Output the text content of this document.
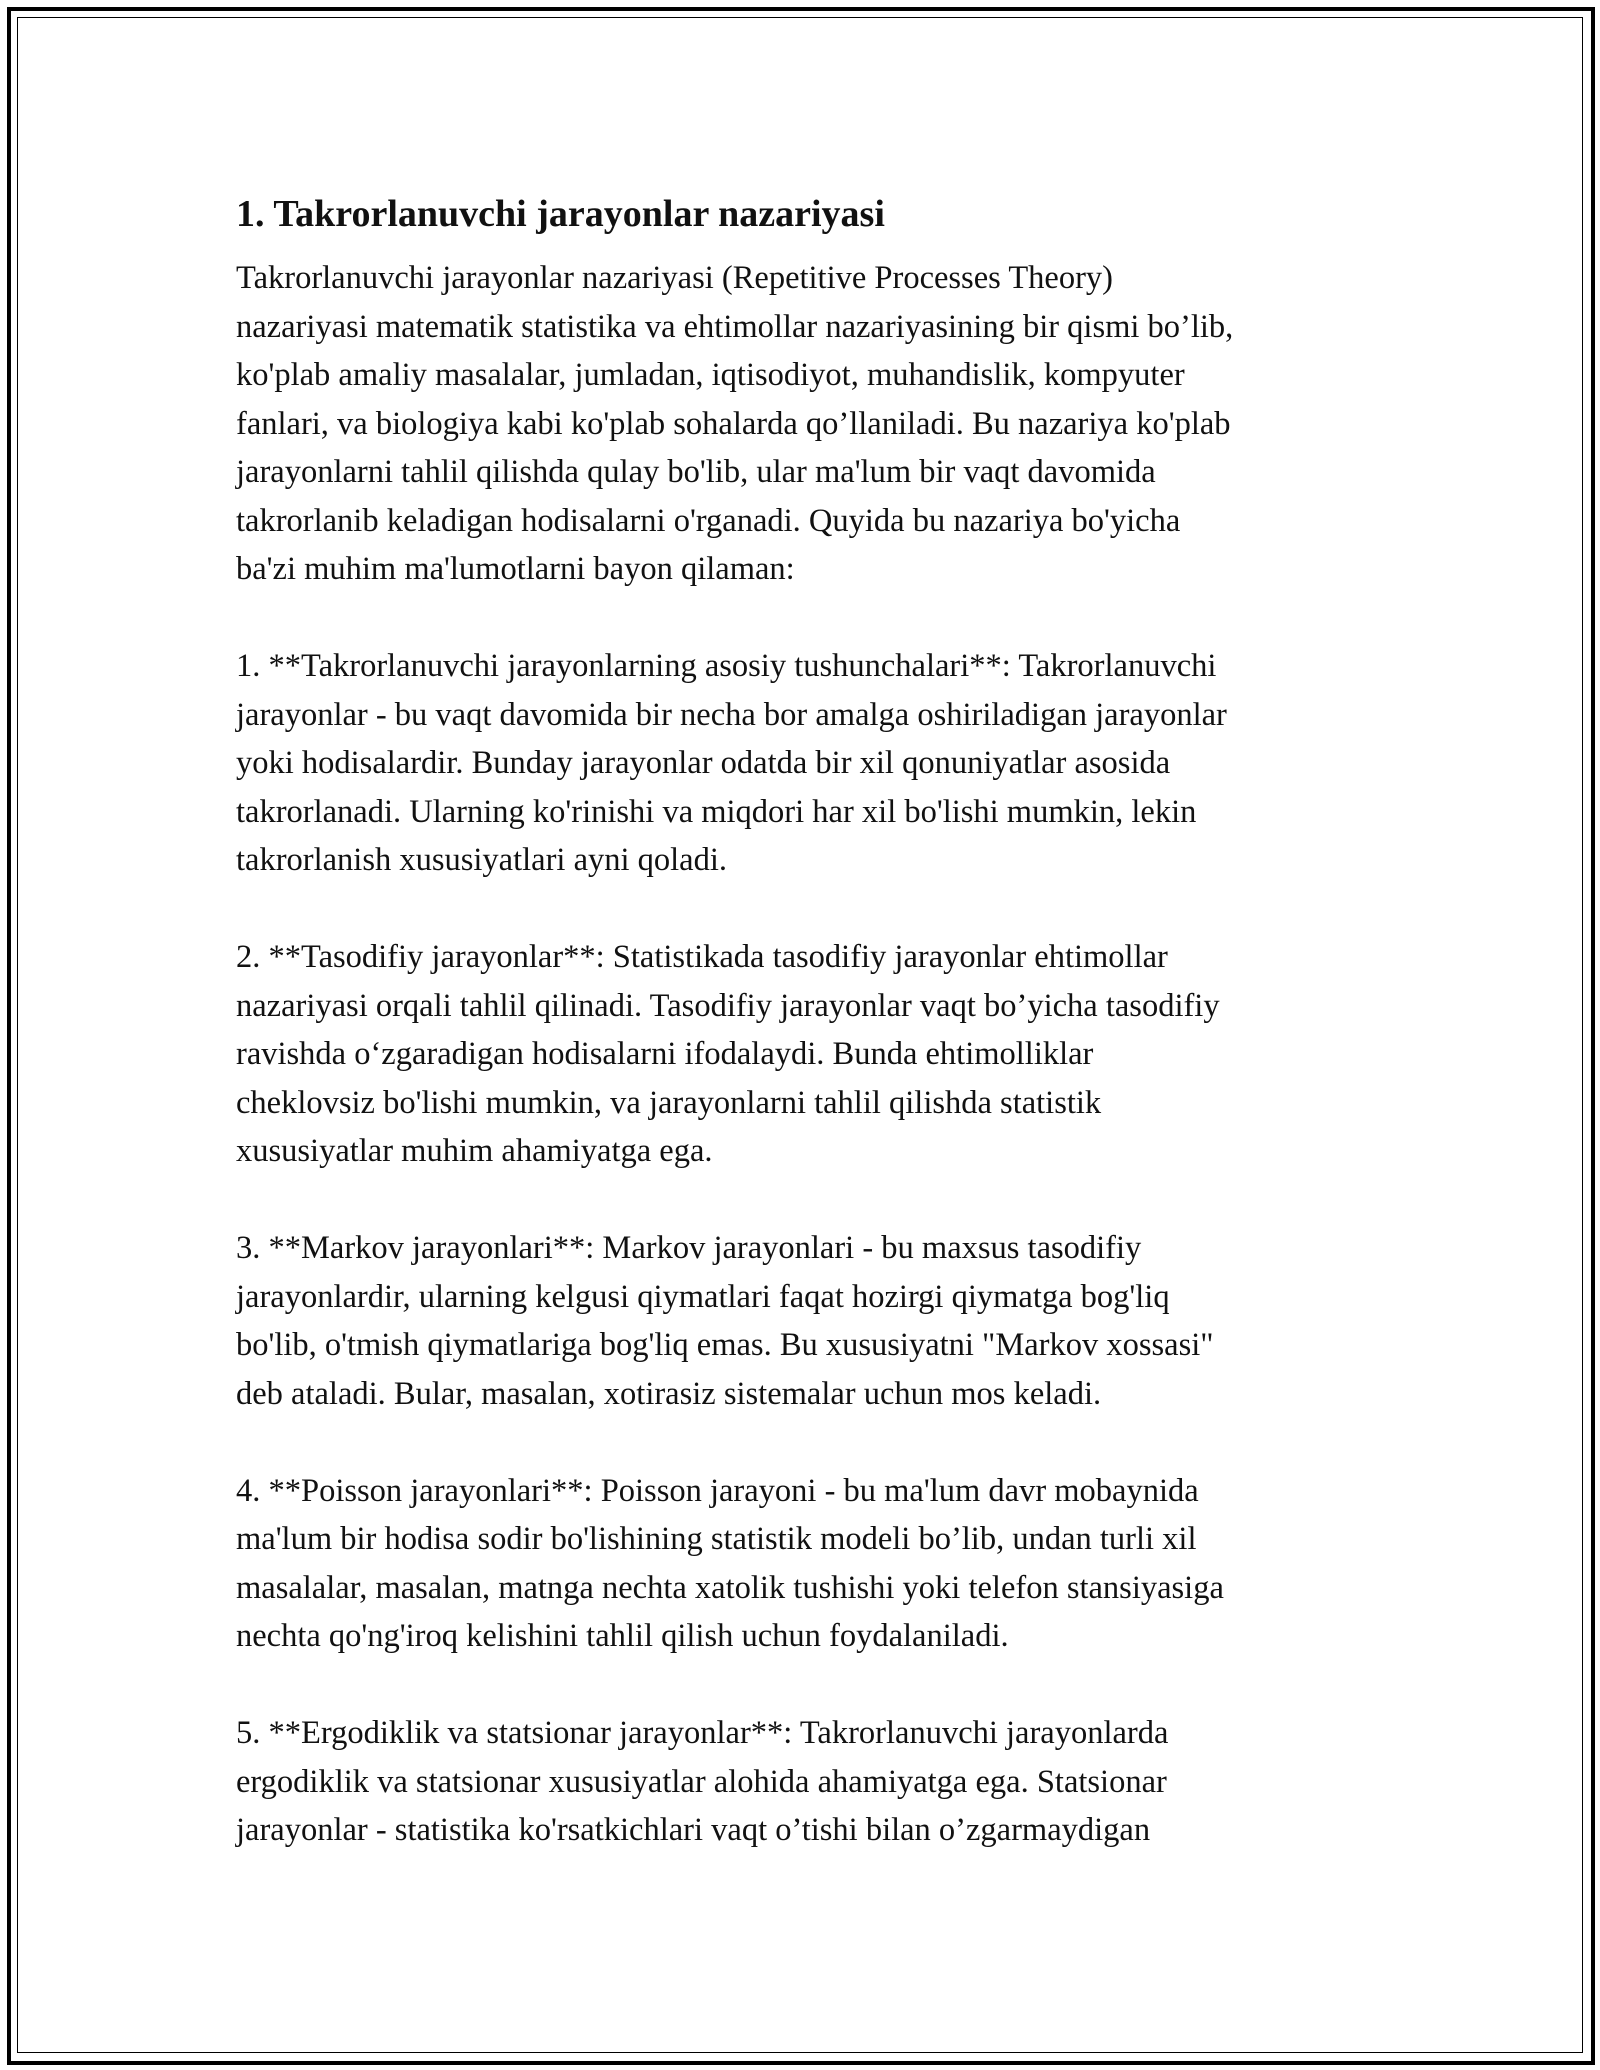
1. Takrorlanuvchi jarayonlar nazariyasi

Takrorlanuvchi jarayonlar nazariyasi (Repetitive Processes Theory)
nazariyasi matematik statistika va ehtimollar nazariyasining bir qismi bo’lib,
ko'plab amaliy masalalar, jumladan, iqtisodiyot, muhandislik, kompyuter
fanlari, va biologiya kabi ko'plab sohalarda qo’llaniladi. Bu nazariya ko'plab
jarayonlarni tahlil qilishda qulay bo'lib, ular ma'lum bir vaqt davomida
takrorlanib keladigan hodisalarni o'rganadi. Quyida bu nazariya bo'yicha
ba'zi muhim ma'lumotlarni bayon qilaman:

1. **Takrorlanuvchi jarayonlarning asosiy tushunchalari**: Takrorlanuvchi
jarayonlar - bu vaqt davomida bir necha bor amalga oshiriladigan jarayonlar
yoki hodisalardir. Bunday jarayonlar odatda bir xil qonuniyatlar asosida
takrorlanadi. Ularning ko'rinishi va miqdori har xil bo'lishi mumkin, lekin
takrorlanish xususiyatlari ayni qoladi.

2. **Tasodifiy jarayonlar**: Statistikada tasodifiy jarayonlar ehtimollar
nazariyasi orqali tahlil qilinadi. Tasodifiy jarayonlar vaqt bo’yicha tasodifiy
ravishda o‘zgaradigan hodisalarni ifodalaydi. Bunda ehtimolliklar
cheklovsiz bo'lishi mumkin, va jarayonlarni tahlil qilishda statistik
xususiyatlar muhim ahamiyatga ega.

3. **Markov jarayonlari**: Markov jarayonlari - bu maxsus tasodifiy
jarayonlardir, ularning kelgusi qiymatlari faqat hozirgi qiymatga bog'liq
bo'lib, o'tmish qiymatlariga bog'liq emas. Bu xususiyatni "Markov xossasi"
deb ataladi. Bular, masalan, xotirasiz sistemalar uchun mos keladi.

4. **Poisson jarayonlari**: Poisson jarayoni - bu ma'lum davr mobaynida
ma'lum bir hodisa sodir bo'lishining statistik modeli bo’lib, undan turli xil
masalalar, masalan, matnga nechta xatolik tushishi yoki telefon stansiyasiga
nechta qo'ng'iroq kelishini tahlil qilish uchun foydalaniladi.

5. **Ergodiklik va statsionar jarayonlar**: Takrorlanuvchi jarayonlarda
ergodiklik va statsionar xususiyatlar alohida ahamiyatga ega. Statsionar
jarayonlar - statistika ko'rsatkichlari vaqt o’tishi bilan o’zgarmaydigan
